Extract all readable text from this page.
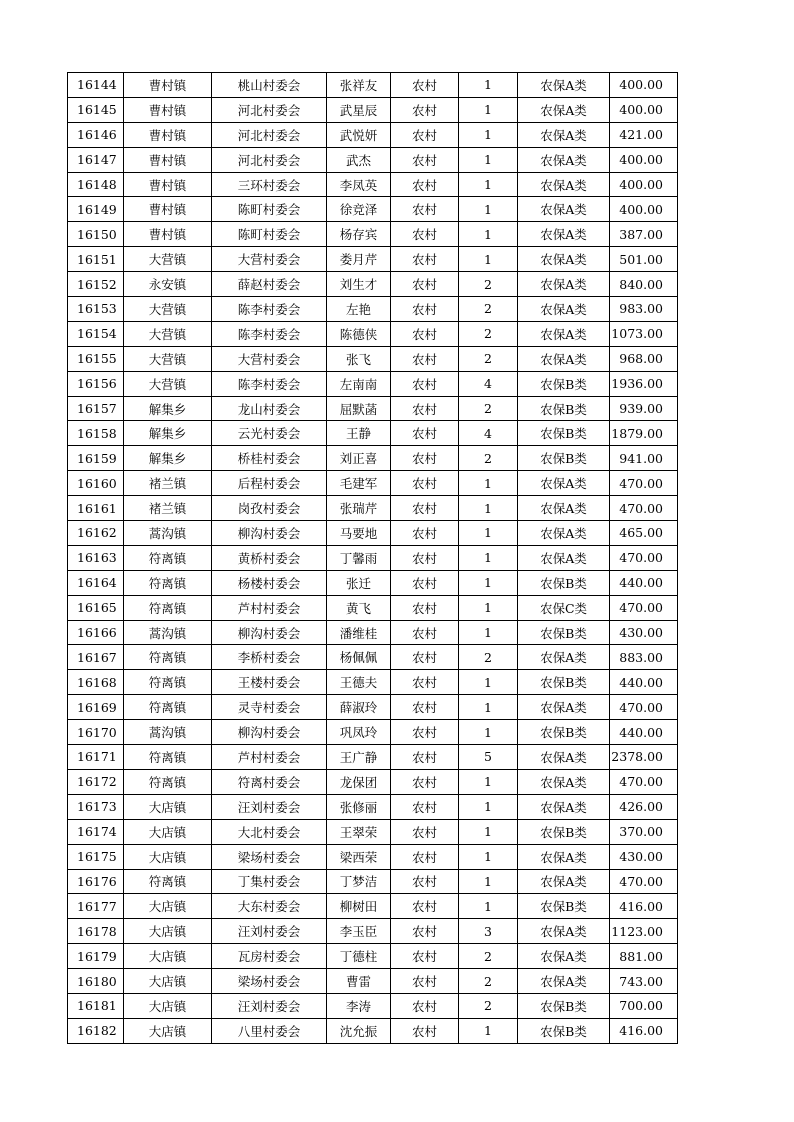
16144	曹村镇	桃山村委会	张祥友	农村	1	农保A类	400.00
16145	曹村镇	河北村委会	武星辰	农村	1	农保A类	400.00
16146	曹村镇	河北村委会	武悦妍	农村	1	农保A类	421.00
16147	曹村镇	河北村委会	武杰	农村	1	农保A类	400.00
16148	曹村镇	三环村委会	李凤英	农村	1	农保A类	400.00
16149	曹村镇	陈町村委会	徐竞泽	农村	1	农保A类	400.00
16150	曹村镇	陈町村委会	杨存宾	农村	1	农保A类	387.00
16151	大营镇	大营村委会	娄月芹	农村	1	农保A类	501.00
16152	永安镇	薛赵村委会	刘生才	农村	2	农保A类	840.00
16153	大营镇	陈李村委会	左艳	农村	2	农保A类	983.00
16154	大营镇	陈李村委会	陈德侠	农村	2	农保A类	1073.00
16155	大营镇	大营村委会	张飞	农村	2	农保A类	968.00
16156	大营镇	陈李村委会	左南南	农村	4	农保B类	1936.00
16157	解集乡	龙山村委会	屈默菡	农村	2	农保B类	939.00
16158	解集乡	云光村委会	王静	农村	4	农保B类	1879.00
16159	解集乡	桥桂村委会	刘正喜	农村	2	农保B类	941.00
16160	褚兰镇	后程村委会	毛建军	农村	1	农保A类	470.00
16161	褚兰镇	岗孜村委会	张瑞芹	农村	1	农保A类	470.00
16162	蒿沟镇	柳沟村委会	马要地	农村	1	农保A类	465.00
16163	符离镇	黄桥村委会	丁馨雨	农村	1	农保A类	470.00
16164	符离镇	杨楼村委会	张迁	农村	1	农保B类	440.00
16165	符离镇	芦村村委会	黄飞	农村	1	农保C类	470.00
16166	蒿沟镇	柳沟村委会	潘维桂	农村	1	农保B类	430.00
16167	符离镇	李桥村委会	杨佩佩	农村	2	农保A类	883.00
16168	符离镇	王楼村委会	王德夫	农村	1	农保B类	440.00
16169	符离镇	灵寺村委会	薛淑玲	农村	1	农保A类	470.00
16170	蒿沟镇	柳沟村委会	巩凤玲	农村	1	农保B类	440.00
16171	符离镇	芦村村委会	王广静	农村	5	农保A类	2378.00
16172	符离镇	符离村委会	龙保团	农村	1	农保A类	470.00
16173	大店镇	汪刘村委会	张修丽	农村	1	农保A类	426.00
16174	大店镇	大北村委会	王翠荣	农村	1	农保B类	370.00
16175	大店镇	梁场村委会	梁西荣	农村	1	农保A类	430.00
16176	符离镇	丁集村委会	丁梦洁	农村	1	农保A类	470.00
16177	大店镇	大东村委会	柳树田	农村	1	农保B类	416.00
16178	大店镇	汪刘村委会	李玉臣	农村	3	农保A类	1123.00
16179	大店镇	瓦房村委会	丁德柱	农村	2	农保A类	881.00
16180	大店镇	梁场村委会	曹雷	农村	2	农保A类	743.00
16181	大店镇	汪刘村委会	李涛	农村	2	农保B类	700.00
16182	大店镇	八里村委会	沈允振	农村	1	农保B类	416.00
